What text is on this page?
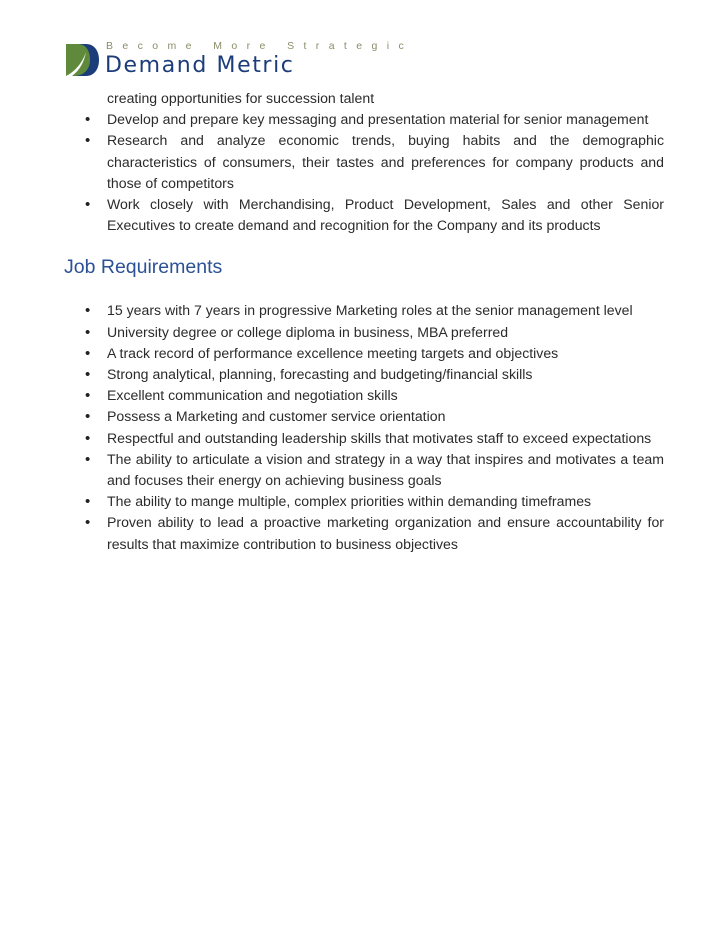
Become More Strategic
Demand Metric
creating opportunities for succession talent
• Develop and prepare key messaging and presentation material for senior management
• Research and analyze economic trends, buying habits and the demographic characteristics of consumers, their tastes and preferences for company products and those of competitors
• Work closely with Merchandising, Product Development, Sales and other Senior Executives to create demand and recognition for the Company and its products
Job Requirements
• 15 years with 7 years in progressive Marketing roles at the senior management level
• University degree or college diploma in business, MBA preferred
• A track record of performance excellence meeting targets and objectives
• Strong analytical, planning, forecasting and budgeting/financial skills
• Excellent communication and negotiation skills
• Possess a Marketing and customer service orientation
• Respectful and outstanding leadership skills that motivates staff to exceed expectations
• The ability to articulate a vision and strategy in a way that inspires and motivates a team and focuses their energy on achieving business goals
• The ability to mange multiple, complex priorities within demanding timeframes
• Proven ability to lead a proactive marketing organization and ensure accountability for results that maximize contribution to business objectives
